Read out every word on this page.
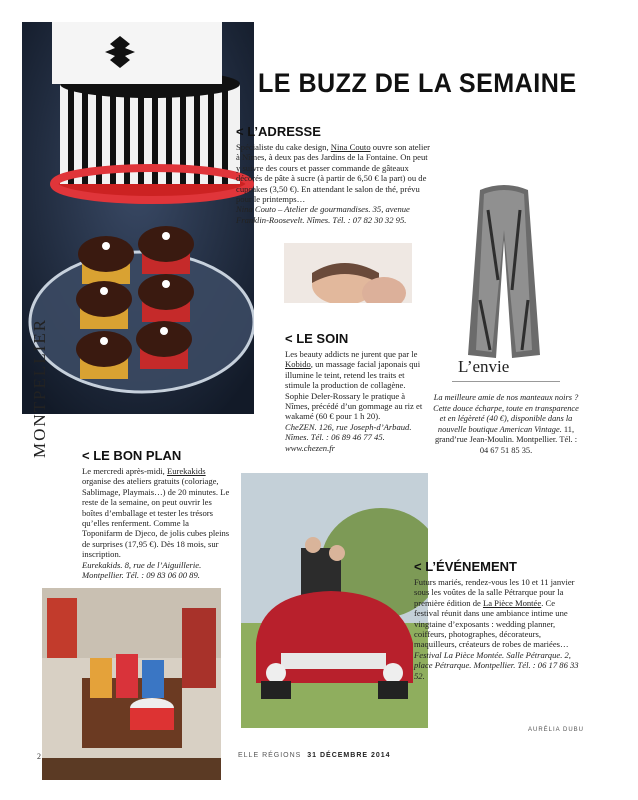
LE BUZZ DE LA SEMAINE
< L’ADRESSE

Spécialiste du cake design, Nina Couto ouvre son atelier à Nîmes, à deux pas des Jardins de la Fontaine. On peut y suivre des cours et passer commande de gâteaux décorés de pâte à sucre (à partir de 6,50 € la part) ou de cupcakes (3,50 €). En attendant le salon de thé, prévu pour le printemps…

Nina Couto – Atelier de gourmandises. 35, avenue Franklin-Roosevelt. Nîmes. Tél. : 07 82 30 32 95.

< LE SOIN

Les beauty addicts ne jurent que par le Kobido, un massage facial japonais qui illumine le teint, retend les traits et stimule la production de collagène. Sophie Deler-Rossary le pratique à Nîmes, précédé d’un gommage au riz et wakamé (60 € pour 1 h 20).

CheZEN. 126, rue Joseph-d’Arbaud. Nîmes. Tél. : 06 89 46 77 45. www.chezen.fr

L’envie
La meilleure amie de nos manteaux noirs ? Cette douce écharpe, toute en transparence et en légèreté (40 €), disponible dans la nouvelle boutique American Vintage. 11, grand’rue Jean-Moulin. Montpellier. Tél. : 04 67 51 85 35.
MONTPELLIER	< LE BON PLAN

Le mercredi après-midi, Eurekakids organise des ateliers gratuits (coloriage, Sablimage, Playmais…) de 20 minutes. Le reste de la semaine, on peut ouvrir les boîtes d’emballage et tester les trésors qu’elles renferment. Comme la Toponifarm de Djeco, de jolis cubes pleins de surprises (17,95 €). Dès 18 mois, sur inscription.

Eurekakids. 8, rue de l’Aiguillerie. Montpellier. Tél. : 09 83 06 00 89.

< L’ÉVÉNEMENT

Futurs mariés, rendez-vous les 10 et 11 janvier sous les voûtes de la salle Pétrarque pour la première édition de La Pièce Montée. Ce festival réunit dans une ambiance intime une vingtaine d’exposants : wedding planner, coiffeurs, photographes, décorateurs, maquilleurs, créateurs de robes de mariées…

Festival La Pièce Montée. Salle Pétrarque. 2, place Pétrarque. Montpellier. Tél. : 06 17 86 33 52.

AURÉLIA DUBU
2	ELLE RÉGIONS 31 DÉCEMBRE 2014
